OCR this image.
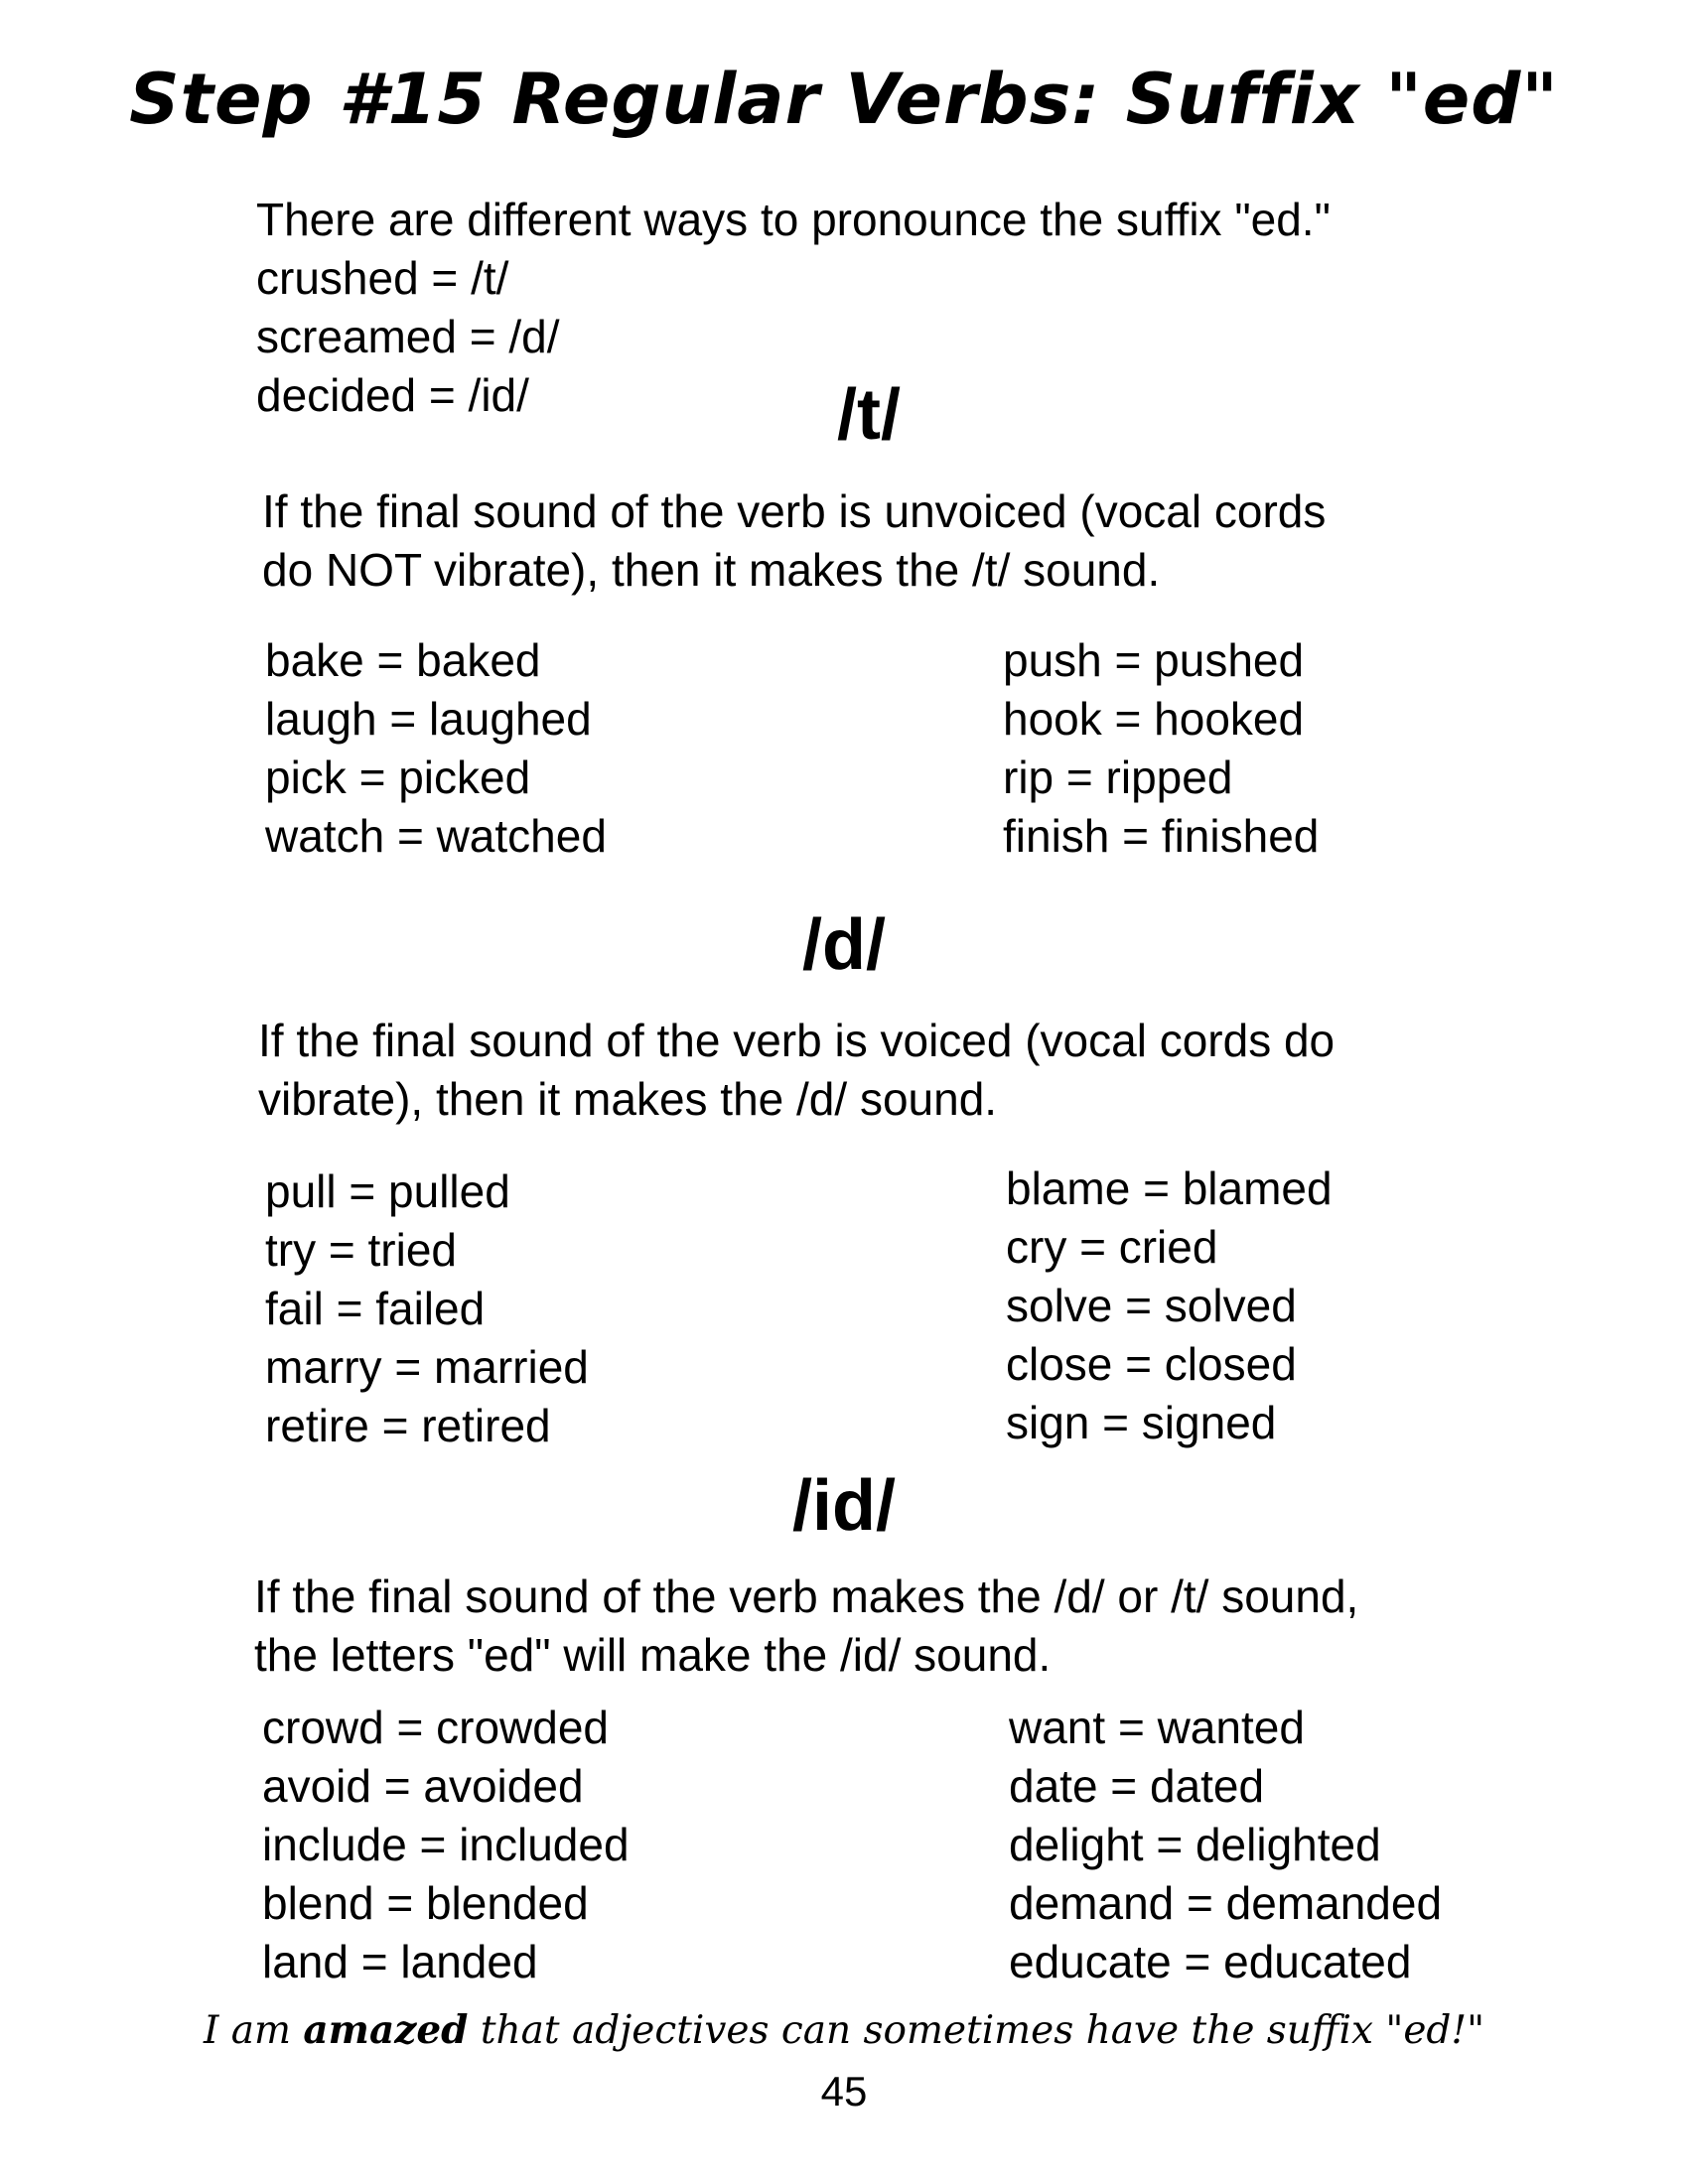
Step #15 Regular Verbs: Suffix "ed"
There are different ways to pronounce the suffix "ed."
crushed = /t/
screamed = /d/
decided = /id/	/t/
If the final sound of the verb is unvoiced (vocal cords
do NOT vibrate), then it makes the /t/ sound.
bake = baked
laugh = laughed
pick = picked
watch = watched
push = pushed
hook = hooked
rip = ripped
finish = finished
/d/
If the final sound of the verb is voiced (vocal cords do
vibrate), then it makes the /d/ sound.
pull = pulled
try = tried
fail = failed
marry = married
retire = retired
blame = blamed
cry = cried
solve = solved
close = closed
sign = signed
/id/
If the final sound of the verb makes the /d/ or /t/ sound,
the letters "ed" will make the /id/ sound.
crowd = crowded
avoid = avoided
include = included
blend = blended
land = landed
want = wanted
date = dated
delight = delighted
demand = demanded
educate = educated
I am amazed that adjectives can sometimes have the suffix "ed!"
45
